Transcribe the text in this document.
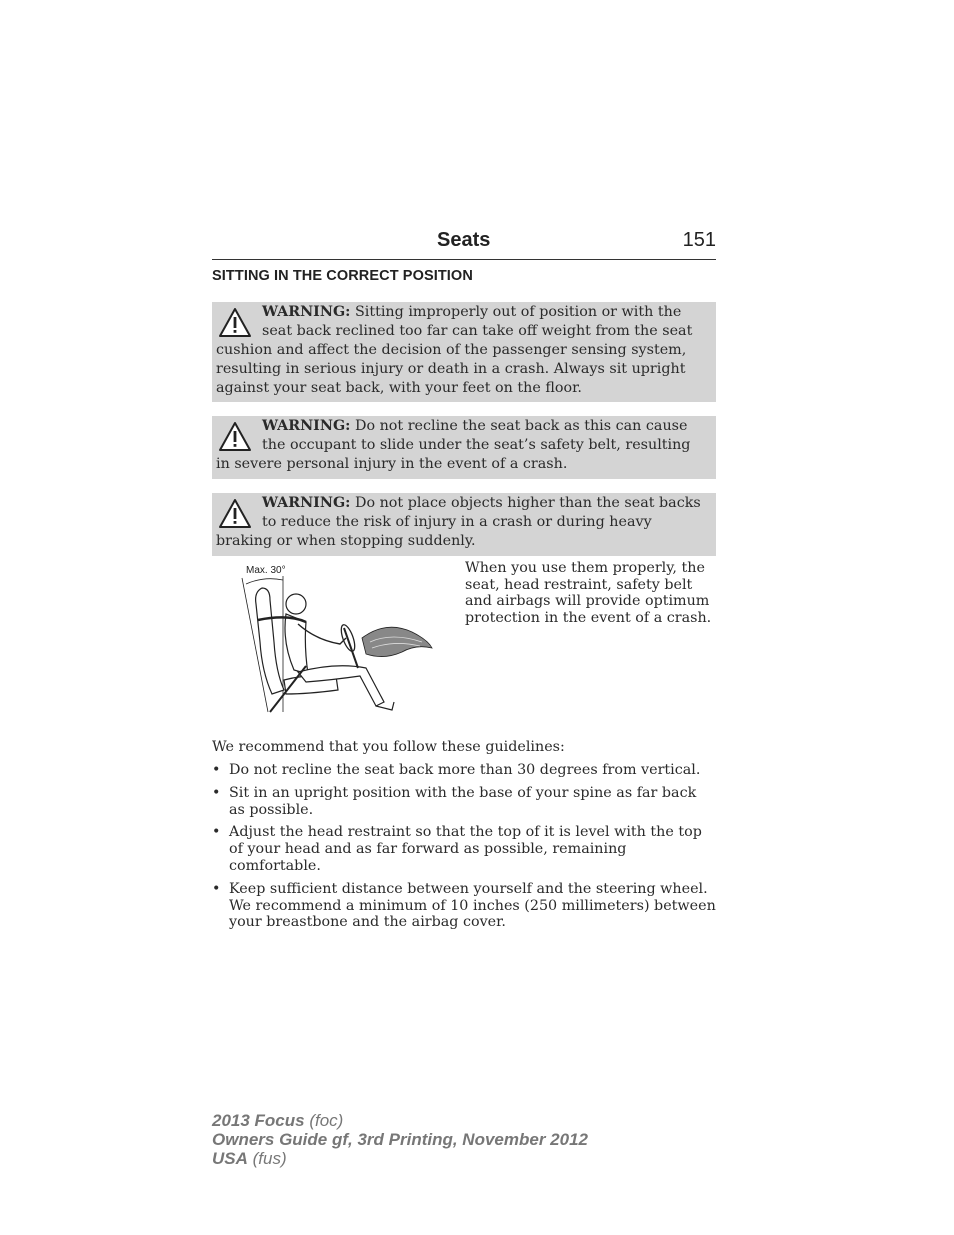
Seats	151
SITTING IN THE CORRECT POSITION
WARNING: Sitting improperly out of position or with the seat back reclined too far can take off weight from the seat cushion and affect the decision of the passenger sensing system, resulting in serious injury or death in a crash. Always sit upright against your seat back, with your feet on the floor.
WARNING: Do not recline the seat back as this can cause the occupant to slide under the seat’s safety belt, resulting in severe personal injury in the event of a crash.
WARNING: Do not place objects higher than the seat backs to reduce the risk of injury in a crash or during heavy braking or when stopping suddenly.
Max. 30°	When you use them properly, the seat, head restraint, safety belt and airbags will provide optimum protection in the event of a crash.
We recommend that you follow these guidelines:
• Do not recline the seat back more than 30 degrees from vertical.
• Sit in an upright position with the base of your spine as far back as possible.
• Adjust the head restraint so that the top of it is level with the top of your head and as far forward as possible, remaining comfortable.
• Keep sufficient distance between yourself and the steering wheel. We recommend a minimum of 10 inches (250 millimeters) between your breastbone and the airbag cover.
2013 Focus (foc)
Owners Guide gf, 3rd Printing, November 2012
USA (fus)
